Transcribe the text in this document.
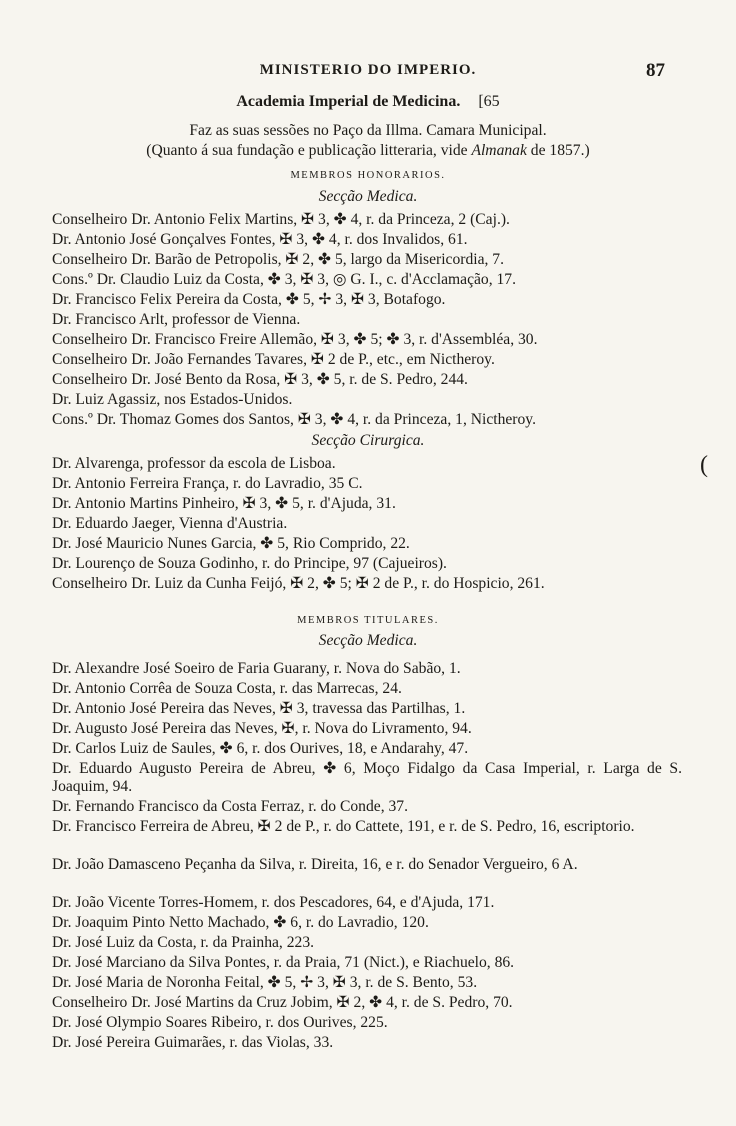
MINISTERIO DO IMPERIO.	87
Academia Imperial de Medicina. [65
Faz as suas sessões no Paço da Illma. Camara Municipal.
(Quanto á sua fundação e publicação litteraria, vide Almanak de 1857.)
MEMBROS HONORARIOS.
Secção Medica.
Conselheiro Dr. Antonio Felix Martins, ✠ 3, ✤ 4, r. da Princeza, 2 (Caj.).
Dr. Antonio José Gonçalves Fontes, ✠ 3, ✤ 4, r. dos Invalidos, 61.
Conselheiro Dr. Barão de Petropolis, ✠ 2, ✤ 5, largo da Misericordia, 7.
Cons.º Dr. Claudio Luiz da Costa, ✤ 3, ✠ 3, ◎ G. I., c. d'Acclamação, 17.
Dr. Francisco Felix Pereira da Costa, ✤ 5, ✢ 3, ✠ 3, Botafogo.
Dr. Francisco Arlt, professor de Vienna.
Conselheiro Dr. Francisco Freire Allemão, ✠ 3, ✤ 5; ✤ 3, r. d'Assembléa, 30.
Conselheiro Dr. João Fernandes Tavares, ✠ 2 de P., etc., em Nictheroy.
Conselheiro Dr. José Bento da Rosa, ✠ 3, ✤ 5, r. de S. Pedro, 244.
Dr. Luiz Agassiz, nos Estados-Unidos.
Cons.º Dr. Thomaz Gomes dos Santos, ✠ 3, ✤ 4, r. da Princeza, 1, Nictheroy.
Secção Cirurgica.
Dr. Alvarenga, professor da escola de Lisboa.
Dr. Antonio Ferreira França, r. do Lavradio, 35 C.
Dr. Antonio Martins Pinheiro, ✠ 3, ✤ 5, r. d'Ajuda, 31.
Dr. Eduardo Jaeger, Vienna d'Austria.
Dr. José Mauricio Nunes Garcia, ✤ 5, Rio Comprido, 22.
Dr. Lourenço de Souza Godinho, r. do Principe, 97 (Cajueiros).
Conselheiro Dr. Luiz da Cunha Feijó, ✠ 2, ✤ 5; ✠ 2 de P., r. do Hospicio, 261.
MEMBROS TITULARES.
Secção Medica.
Dr. Alexandre José Soeiro de Faria Guarany, r. Nova do Sabão, 1.
Dr. Antonio Corrêa de Souza Costa, r. das Marrecas, 24.
Dr. Antonio José Pereira das Neves, ✠ 3, travessa das Partilhas, 1.
Dr. Augusto José Pereira das Neves, ✠, r. Nova do Livramento, 94.
Dr. Carlos Luiz de Saules, ✤ 6, r. dos Ourives, 18, e Andarahy, 47.
Dr. Eduardo Augusto Pereira de Abreu, ✤ 6, Moço Fidalgo da Casa Imperial, r. Larga de S. Joaquim, 94.
Dr. Fernando Francisco da Costa Ferraz, r. do Conde, 37.
Dr. Francisco Ferreira de Abreu, ✠ 2 de P., r. do Cattete, 191, e r. de S. Pedro, 16, escriptorio.
Dr. João Damasceno Peçanha da Silva, r. Direita, 16, e r. do Senador Vergueiro, 6 A.
Dr. João Vicente Torres-Homem, r. dos Pescadores, 64, e d'Ajuda, 171.
Dr. Joaquim Pinto Netto Machado, ✤ 6, r. do Lavradio, 120.
Dr. José Luiz da Costa, r. da Prainha, 223.
Dr. José Marciano da Silva Pontes, r. da Praia, 71 (Nict.), e Riachuelo, 86.
Dr. José Maria de Noronha Feital, ✤ 5, ✢ 3, ✠ 3, r. de S. Bento, 53.
Conselheiro Dr. José Martins da Cruz Jobim, ✠ 2, ✤ 4, r. de S. Pedro, 70.
Dr. José Olympio Soares Ribeiro, r. dos Ourives, 225.
Dr. José Pereira Guimarães, r. das Violas, 33.
(
